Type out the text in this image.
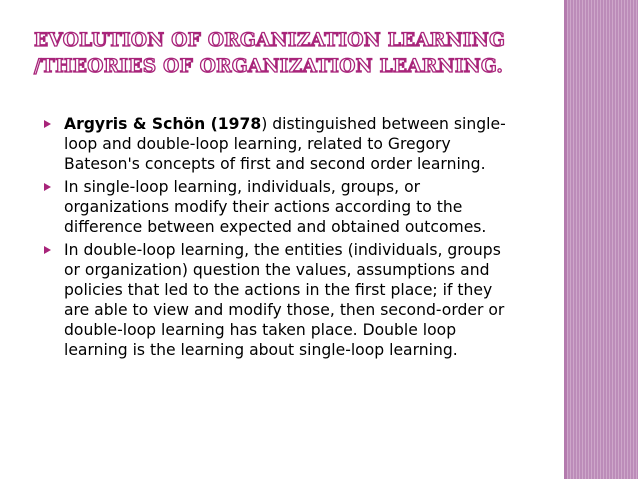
EVOLUTION OF ORGANIZATION LEARNING
/THEORIES OF ORGANIZATION LEARNING.
Argyris & Schön (1978) distinguished between single-loop and double-loop learning, related to Gregory Bateson's concepts of first and second order learning.
In single-loop learning, individuals, groups, or organizations modify their actions according to the difference between expected and obtained outcomes.
In double-loop learning, the entities (individuals, groups or organization) question the values, assumptions and policies that led to the actions in the first place; if they are able to view and modify those, then second-order or double-loop learning has taken place. Double loop learning is the learning about single-loop learning.
